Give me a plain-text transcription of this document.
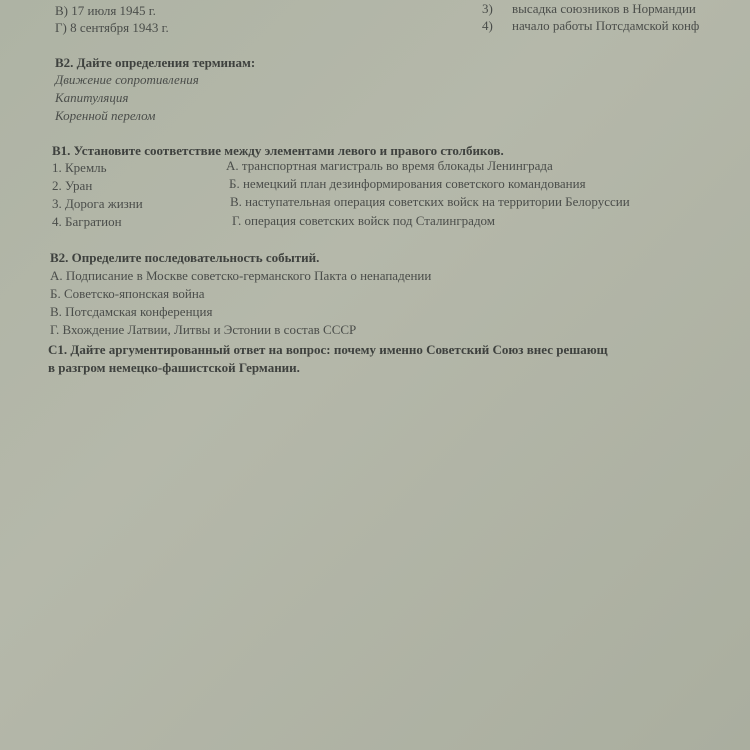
В) 17 июля 1945 г.
Г) 8 сентября 1943 г.
3) высадка союзников в Нормандии
4) начало работы Потсдамской конф
В2. Дайте определения терминам:
Движение сопротивления
Капитуляция
Коренной перелом
В1. Установите соответствие между элементами левого и правого столбиков.
1. Кремль
2. Уран
3. Дорога жизни
4. Багратион
А. транспортная магистраль во время блокады Ленинграда
Б. немецкий план дезинформирования советского командования
В. наступательная операция советских войск на территории Белоруссии
Г. операция советских войск под Сталинградом
В2. Определите последовательность событий.
А. Подписание в Москве советско-германского Пакта о ненападении
Б. Советско-японская война
В. Потсдамская конференция
Г. Вхождение Латвии, Литвы и Эстонии в состав СССР
С1. Дайте аргументированный ответ на вопрос: почему именно Советский Союз внес решающ
в разгром немецко-фашистской Германии.
